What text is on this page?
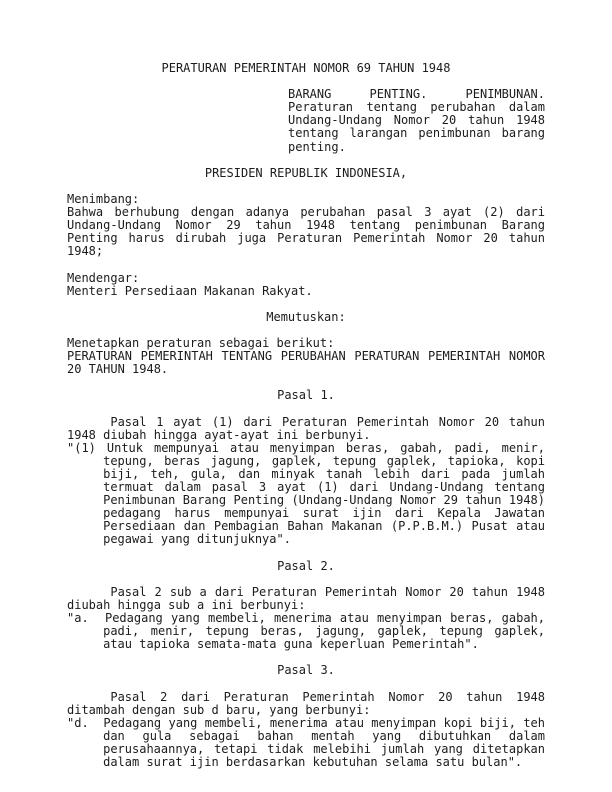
PERATURAN PEMERINTAH NOMOR 69 TAHUN 1948
BARANG PENTING. PENIMBUNAN.
Peraturan tentang perubahan dalam
Undang-Undang Nomor 20 tahun 1948
tentang larangan penimbunan barang
penting.
PRESIDEN REPUBLIK INDONESIA,
Menimbang:
Bahwa berhubung dengan adanya perubahan pasal 3 ayat (2) dari
Undang-Undang Nomor 29 tahun 1948 tentang penimbunan Barang
Penting harus dirubah juga Peraturan Pemerintah Nomor 20 tahun
1948;
Mendengar:
Menteri Persediaan Makanan Rakyat.
Memutuskan:
Menetapkan peraturan sebagai berikut:
PERATURAN PEMERINTAH TENTANG PERUBAHAN PERATURAN PEMERINTAH NOMOR
20 TAHUN 1948.
Pasal 1.
Pasal 1 ayat (1) dari Peraturan Pemerintah Nomor 20 tahun
1948 diubah hingga ayat-ayat ini berbunyi.
"(1) Untuk mempunyai atau menyimpan beras, gabah, padi, menir,
tepung, beras jagung, gaplek, tepung gaplek, tapioka, kopi
biji, teh, gula, dan minyak tanah lebih dari pada jumlah
termuat dalam pasal 3 ayat (1) dari Undang-Undang tentang
Penimbunan Barang Penting (Undang-Undang Nomor 29 tahun 1948)
pedagang harus mempunyai surat ijin dari Kepala Jawatan
Persediaan dan Pembagian Bahan Makanan (P.P.B.M.) Pusat atau
pegawai yang ditunjuknya".
Pasal 2.
Pasal 2 sub a dari Peraturan Pemerintah Nomor 20 tahun 1948
diubah hingga sub a ini berbunyi:
"a.  Pedagang yang membeli, menerima atau menyimpan beras, gabah,
padi, menir, tepung beras, jagung, gaplek, tepung gaplek,
atau tapioka semata-mata guna keperluan Pemerintah".
Pasal 3.
Pasal 2 dari Peraturan Pemerintah Nomor 20 tahun 1948
ditambah dengan sub d baru, yang berbunyi:
"d.  Pedagang yang membeli, menerima atau menyimpan kopi biji, teh
dan gula sebagai bahan mentah yang dibutuhkan dalam
perusahaannya, tetapi tidak melebihi jumlah yang ditetapkan
dalam surat ijin berdasarkan kebutuhan selama satu bulan".
